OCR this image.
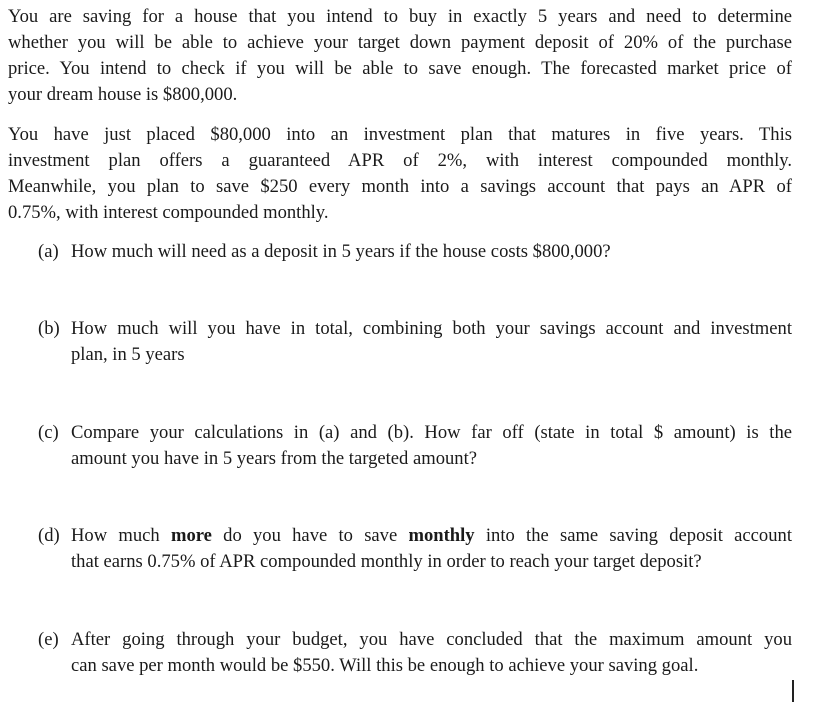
You are saving for a house that you intend to buy in exactly 5 years and need to determine
whether you will be able to achieve your target down payment deposit of 20% of the purchase
price. You intend to check if you will be able to save enough. The forecasted market price of
your dream house is $800,000.

You have just placed $80,000 into an investment plan that matures in five years. This
investment plan offers a guaranteed APR of 2%, with interest compounded monthly.
Meanwhile, you plan to save $250 every month into a savings account that pays an APR of
0.75%, with interest compounded monthly.

(a) How much will need as a deposit in 5 years if the house costs $800,000?
(b) How much will you have in total, combining both your savings account and investment
plan, in 5 years
(c) Compare your calculations in (a) and (b). How far off (state in total $ amount) is the
amount you have in 5 years from the targeted amount?
(d) How much more do you have to save monthly into the same saving deposit account
that earns 0.75% of APR compounded monthly in order to reach your target deposit?
(e) After going through your budget, you have concluded that the maximum amount you
can save per month would be $550. Will this be enough to achieve your saving goal.
